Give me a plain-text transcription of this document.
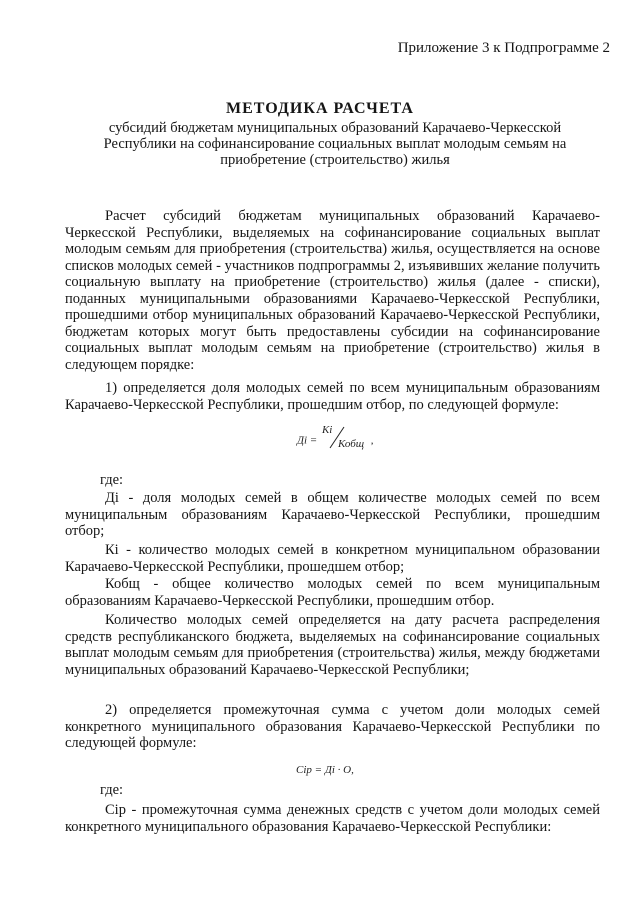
Приложение 3 к Подпрограмме 2
МЕТОДИКА РАСЧЕТА
субсидий бюджетам муниципальных образований Карачаево-Черкесской Республики на софинансирование социальных выплат молодым семьям на приобретение (строительство) жилья

Расчет субсидий бюджетам муниципальных образований Карачаево-Черкесской Республики, выделяемых на софинансирование социальных выплат молодым семьям для приобретения (строительства) жилья, осуществляется на основе списков молодых семей - участников подпрограммы 2, изъявивших желание получить социальную выплату на приобретение (строительство) жилья (далее - списки), поданных муниципальными образованиями Карачаево-Черкесской Республики, прошедшими отбор муниципальных образований Карачаево-Черкесской Республики, бюджетам которых могут быть предоставлены субсидии на софинансирование социальных выплат молодым семьям на приобретение (строительство) жилья в следующем порядке:

1) определяется доля молодых семей по всем муниципальным образованиям Карачаево-Черкесской Республики, прошедшим отбор, по следующей формуле:

Дi =
Кi
Кобщ ,
где:

Дi - доля молодых семей в общем количестве молодых семей по всем муниципальным образованиям Карачаево-Черкесской Республики, прошедшим отбор;

Кi - количество молодых семей в конкретном муниципальном образовании Карачаево-Черкесской Республики, прошедшем отбор;

Кобщ - общее количество молодых семей по всем муниципальным образованиям Карачаево-Черкесской Республики, прошедшим отбор.

Количество молодых семей определяется на дату расчета распределения средств республиканского бюджета, выделяемых на софинансирование социальных выплат молодым семьям для приобретения (строительства) жилья, между бюджетами муниципальных образований Карачаево-Черкесской Республики;

2) определяется промежуточная сумма с учетом доли молодых семей конкретного муниципального образования Карачаево-Черкесской Республики по следующей формуле:

Сiр = Дi · О,
где:

Сiр - промежуточная сумма денежных средств с учетом доли молодых семей конкретного муниципального образования Карачаево-Черкесской Республики:
